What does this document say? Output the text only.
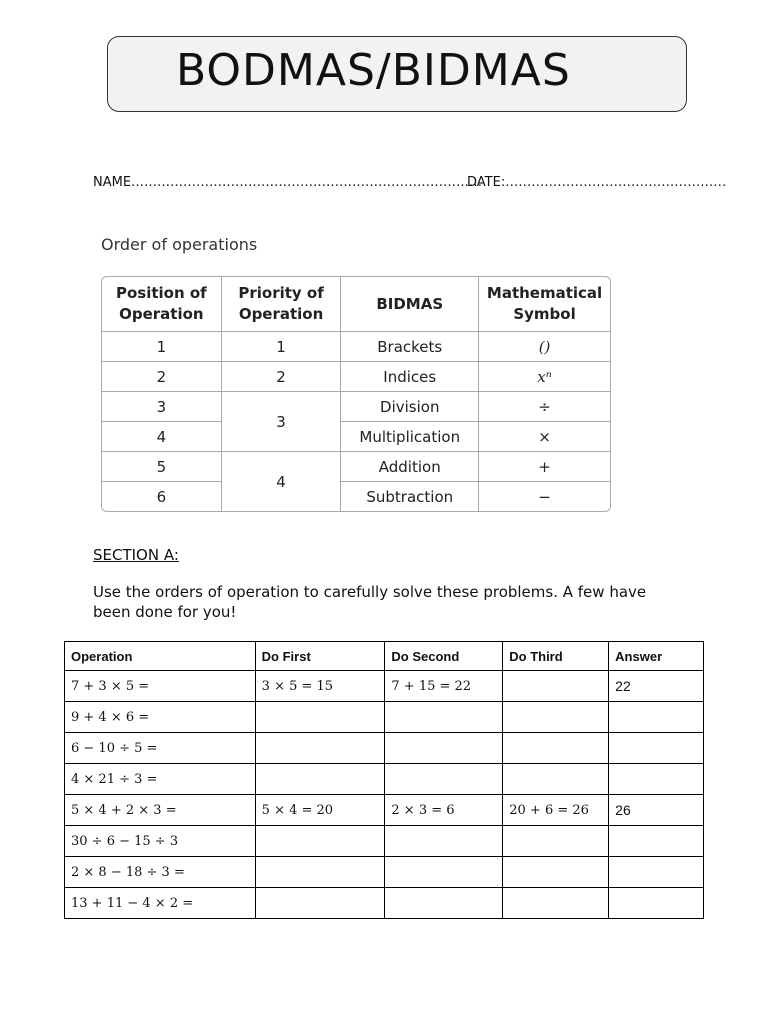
BODMAS/BIDMAS
NAME………………………………………………………………………
DATE:……………………………………………
Order of operations
Position of Operation	Priority of Operation	BIDMAS	Mathematical Symbol
1	1	Brackets	()
2	2	Indices	xⁿ
3	3	Division	÷
4		Multiplication	×
5	4	Addition	+
6		Subtraction	−
SECTION A:
Use the orders of operation to carefully solve these problems. A few have been done for you!
Operation	Do First	Do Second	Do Third	Answer
7 + 3 × 5 =	3 × 5 = 15	7 + 15 = 22		22
9 + 4 × 6 =				
6 − 10 ÷ 5 =				
4 × 21 ÷ 3 =				
5 × 4 + 2 × 3 =	5 × 4 = 20	2 × 3 = 6	20 + 6 = 26	26
30 ÷ 6 − 15 ÷ 3				
2 × 8 − 18 ÷ 3 =				
13 + 11 − 4 × 2 =				
